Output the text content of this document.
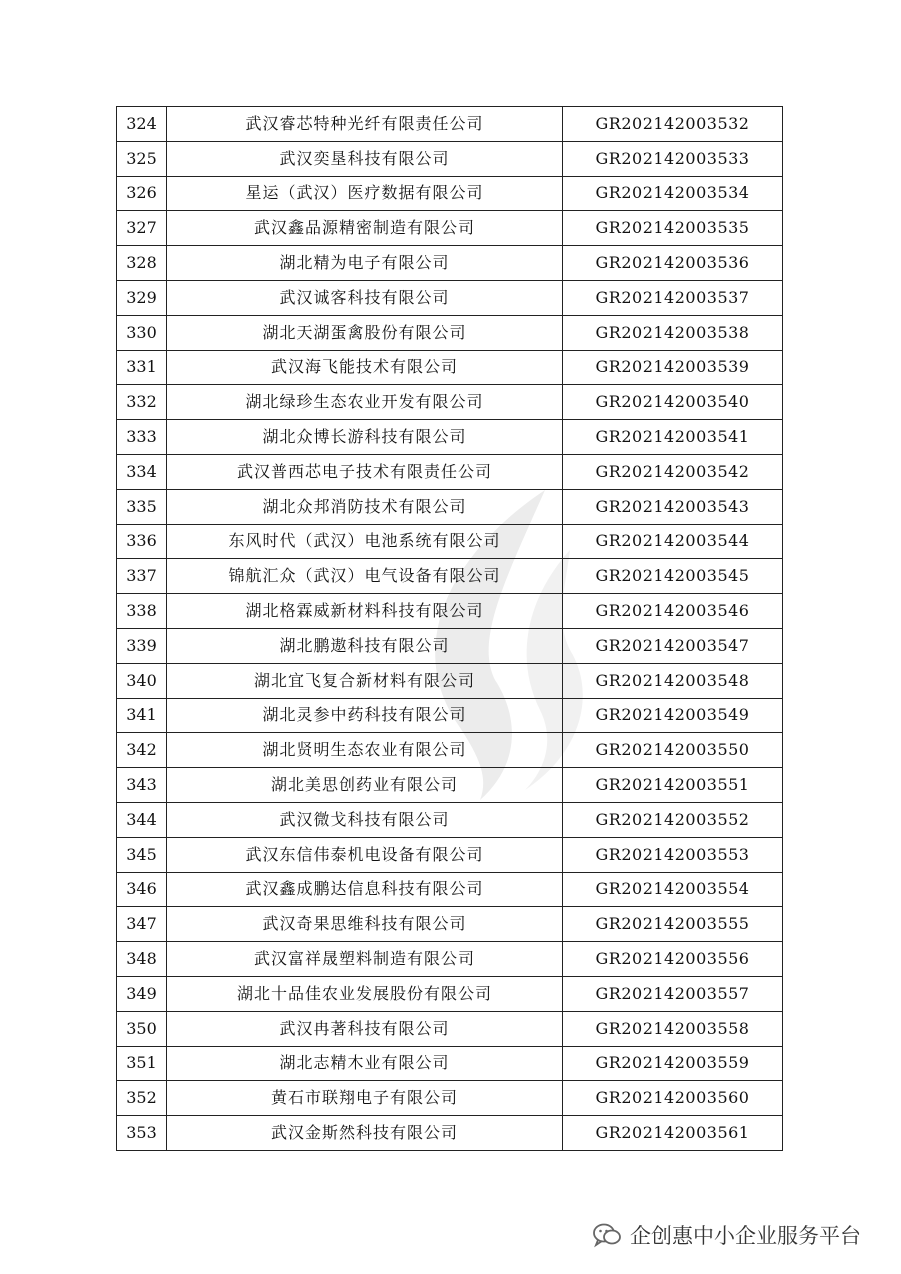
324	武汉睿芯特种光纤有限责任公司	GR202142003532
325	武汉奕垦科技有限公司	GR202142003533
326	星运（武汉）医疗数据有限公司	GR202142003534
327	武汉鑫品源精密制造有限公司	GR202142003535
328	湖北精为电子有限公司	GR202142003536
329	武汉诚客科技有限公司	GR202142003537
330	湖北天湖蛋禽股份有限公司	GR202142003538
331	武汉海飞能技术有限公司	GR202142003539
332	湖北绿珍生态农业开发有限公司	GR202142003540
333	湖北众博长游科技有限公司	GR202142003541
334	武汉普西芯电子技术有限责任公司	GR202142003542
335	湖北众邦消防技术有限公司	GR202142003543
336	东风时代（武汉）电池系统有限公司	GR202142003544
337	锦航汇众（武汉）电气设备有限公司	GR202142003545
338	湖北格霖威新材料科技有限公司	GR202142003546
339	湖北鹏遨科技有限公司	GR202142003547
340	湖北宜飞复合新材料有限公司	GR202142003548
341	湖北灵参中药科技有限公司	GR202142003549
342	湖北贤明生态农业有限公司	GR202142003550
343	湖北美思创药业有限公司	GR202142003551
344	武汉微戈科技有限公司	GR202142003552
345	武汉东信伟泰机电设备有限公司	GR202142003553
346	武汉鑫成鹏达信息科技有限公司	GR202142003554
347	武汉奇果思维科技有限公司	GR202142003555
348	武汉富祥晟塑料制造有限公司	GR202142003556
349	湖北十品佳农业发展股份有限公司	GR202142003557
350	武汉冉著科技有限公司	GR202142003558
351	湖北志精木业有限公司	GR202142003559
352	黄石市联翔电子有限公司	GR202142003560
353	武汉金斯然科技有限公司	GR202142003561
企创惠中小企业服务平台
